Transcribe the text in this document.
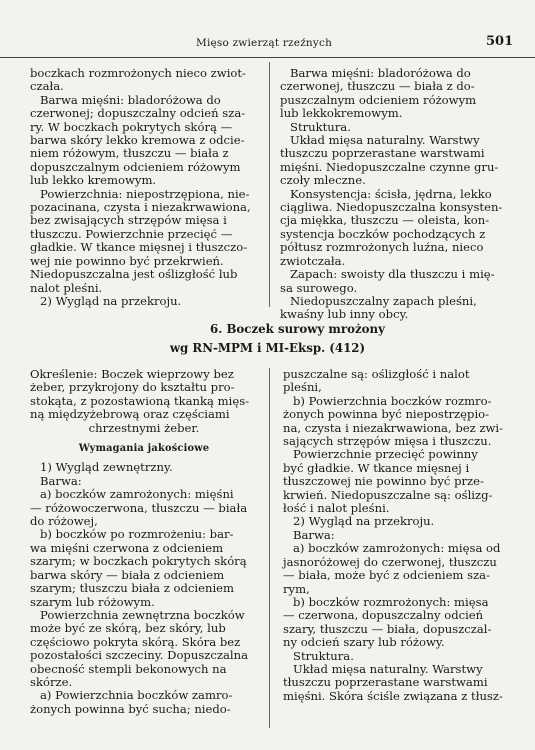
Mięso zwierząt rzeźnych	501

boczkach rozmrożonych nieco zwiot-

czała.

Barwa mięśni: bladoróżowa do

czerwonej; dopuszczalny odcień sza-

ry. W boczkach pokrytych skórą —

barwa skóry lekko kremowa z odcie-

niem różowym, tłuszczu — biała z

dopuszczalnym odcieniem różowym

lub lekko kremowym.

Powierzchnia: niepostrzępiona, nie-

pozacinana, czysta i niezakrwawiona,

bez zwisających strzępów mięsa i

tłuszczu. Powierzchnie przecięć —

gładkie. W tkance mięsnej i tłuszczo-

wej nie powinno być przekrwień.

Niedopuszczalna jest oślizgłość lub

nalot pleśni.

2) Wygląd na przekroju.

Barwa mięśni: bladoróżowa do

czerwonej, tłuszczu — biała z do-

puszczalnym odcieniem różowym

lub lekkokremowym.

Struktura.

Układ mięsa naturalny. Warstwy

tłuszczu poprzerastane warstwami

mięśni. Niedopuszczalne czynne gru-

czoły mleczne.

Konsystencja: ścisła, jędrna, lekko

ciągliwa. Niedopuszczalna konsysten-

cja miękka, tłuszczu — oleista, kon-

systencja boczków pochodzących z

półtusz rozmrożonych luźna, nieco

zwiotczała.

Zapach: swoisty dla tłuszczu i mię-

sa surowego.

Niedopuszczalny zapach pleśni,

kwaśny lub inny obcy.

6. Boczek surowy mrożony
wg RN-MPM i MI-Eksp. (412)

Określenie: Boczek wieprzowy bez

żeber, przykrojony do kształtu pro-

stokąta, z pozostawioną tkanką mięs-

ną międzyżebrową oraz częściami

chrzestnymi żeber.

Wymagania jakościowe

1) Wygląd zewnętrzny.

Barwa:

a) boczków zamrożonych: mięśni

— różowoczerwona, tłuszczu — biała

do różowej,

b) boczków po rozmrożeniu: bar-

wa mięśni czerwona z odcieniem

szarym; w boczkach pokrytych skórą

barwa skóry — biała z odcieniem

szarym; tłuszczu biała z odcieniem

szarym lub różowym.

Powierzchnia zewnętrzna boczków

może być ze skórą, bez skóry, lub

częściowo pokryta skórą. Skóra bez

pozostałości szczeciny. Dopuszczalna

obecność stempli bekonowych na

skórze.

a) Powierzchnia boczków zamro-

żonych powinna być sucha; niedo-

puszczalne są: oślizgłość i nalot

pleśni,

b) Powierzchnia boczków rozmro-

żonych powinna być niepostrzępio-

na, czysta i niezakrwawiona, bez zwi-

sających strzępów mięsa i tłuszczu.

Powierzchnie przecięć powinny

być gładkie. W tkance mięsnej i

tłuszczowej nie powinno być prze-

krwień. Niedopuszczalne są: oślizg-

łość i nalot pleśni.

2) Wygląd na przekroju.

Barwa:

a) boczków zamrożonych: mięsa od

jasnoróżowej do czerwonej, tłuszczu

— biała, może być z odcieniem sza-

rym,

b) boczków rozmrożonych: mięsa

— czerwona, dopuszczalny odcień

szary, tłuszczu — biała, dopuszczal-

ny odcień szary lub różowy.

Struktura.

Układ mięsa naturalny. Warstwy

tłuszczu poprzerastane warstwami

mięśni. Skóra ściśle związana z tłusz-
